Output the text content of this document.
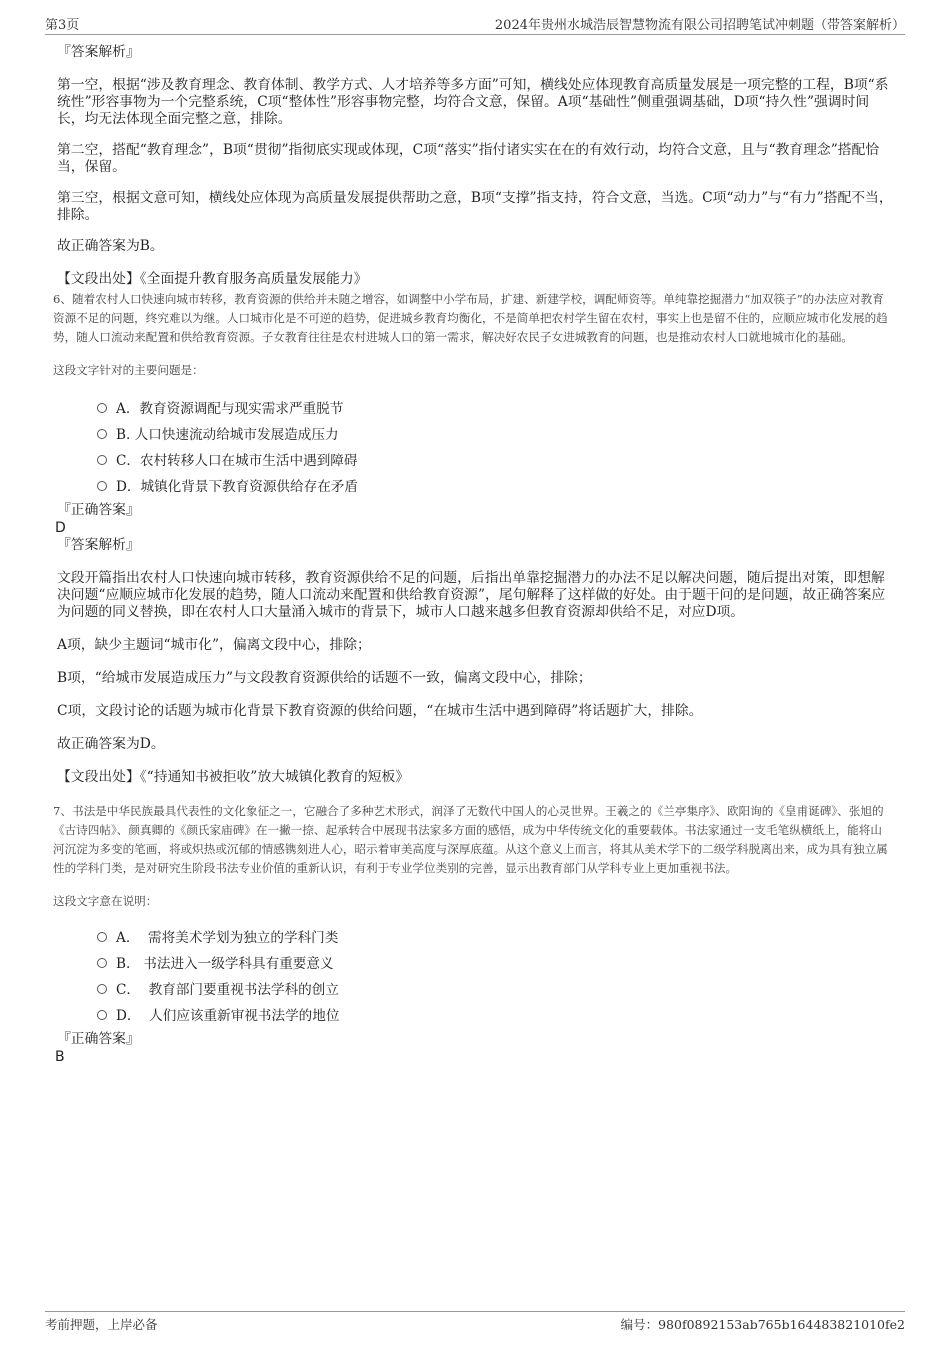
第3页	2024年贵州水城浩辰智慧物流有限公司招聘笔试冲刺题（带答案解析）
『答案解析』

第一空，根据“涉及教育理念、教育体制、教学方式、人才培养等多方面”可知，横线处应体现教育高质量发展是一项完整的工程，B项“系统性”形容事物为一个完整系统，C项“整体性”形容事物完整，均符合文意，保留。A项“基础性”侧重强调基础，D项“持久性”强调时间长，均无法体现全面完整之意，排除。

第二空，搭配“教育理念”，B项“贯彻”指彻底实现或体现，C项“落实”指付诸实实在在的有效行动，均符合文意，且与“教育理念”搭配恰当，保留。

第三空，根据文意可知，横线处应体现为高质量发展提供帮助之意，B项“支撑”指支持，符合文意，当选。C项“动力”与“有力”搭配不当，排除。

故正确答案为B。

【文段出处】《全面提升教育服务高质量发展能力》

6、随着农村人口快速向城市转移，教育资源的供给并未随之增容，如调整中小学布局，扩建、新建学校，调配师资等。单纯靠挖掘潜力“加双筷子”的办法应对教育资源不足的问题，终究难以为继。人口城市化是不可逆的趋势，促进城乡教育均衡化，不是简单把农村学生留在农村，事实上也是留不住的，应顺应城市化发展的趋势，随人口流动来配置和供给教育资源。子女教育往往是农村进城人口的第一需求，解决好农民子女进城教育的问题，也是推动农村人口就地城市化的基础。

这段文字针对的主要问题是：

A．教育资源调配与现实需求严重脱节
B. 人口快速流动给城市发展造成压力
C．农村转移人口在城市生活中遇到障碍
D．城镇化背景下教育资源供给存在矛盾
『正确答案』
D
『答案解析』

文段开篇指出农村人口快速向城市转移，教育资源供给不足的问题，后指出单靠挖掘潜力的办法不足以解决问题，随后提出对策，即想解决问题“应顺应城市化发展的趋势，随人口流动来配置和供给教育资源”，尾句解释了这样做的好处。由于题干问的是问题，故正确答案应为问题的同义替换，即在农村人口大量涌入城市的背景下，城市人口越来越多但教育资源却供给不足，对应D项。

A项，缺少主题词“城市化”，偏离文段中心，排除；

B项，“给城市发展造成压力”与文段教育资源供给的话题不一致，偏离文段中心，排除；

C项，文段讨论的话题为城市化背景下教育资源的供给问题，“在城市生活中遇到障碍”将话题扩大，排除。

故正确答案为D。

【文段出处】《“持通知书被拒收”放大城镇化教育的短板》

7、书法是中华民族最具代表性的文化象征之一，它融合了多种艺术形式，润泽了无数代中国人的心灵世界。王羲之的《兰亭集序》、欧阳询的《皇甫诞碑》、张旭的《古诗四帖》、颜真卿的《颜氏家庙碑》在一撇一捺、起承转合中展现书法家多方面的感悟，成为中华传统文化的重要载体。书法家通过一支毛笔纵横纸上，能将山河沉淀为多变的笔画，将或炽热或沉郁的情感镌刻进人心，昭示着审美高度与深厚底蕴。从这个意义上而言，将其从美术学下的二级学科脱离出来，成为具有独立属性的学科门类，是对研究生阶段书法专业价值的重新认识，有利于专业学位类别的完善，显示出教育部门从学科专业上更加重视书法。

这段文字意在说明：

A．  需将美术学划为独立的学科门类
B.   书法进入一级学科具有重要意义
C．  教育部门要重视书法学科的创立
D．  人们应该重新审视书法学的地位
『正确答案』
B
考前押题，上岸必备	编号：980f0892153ab765b164483821010fe2
